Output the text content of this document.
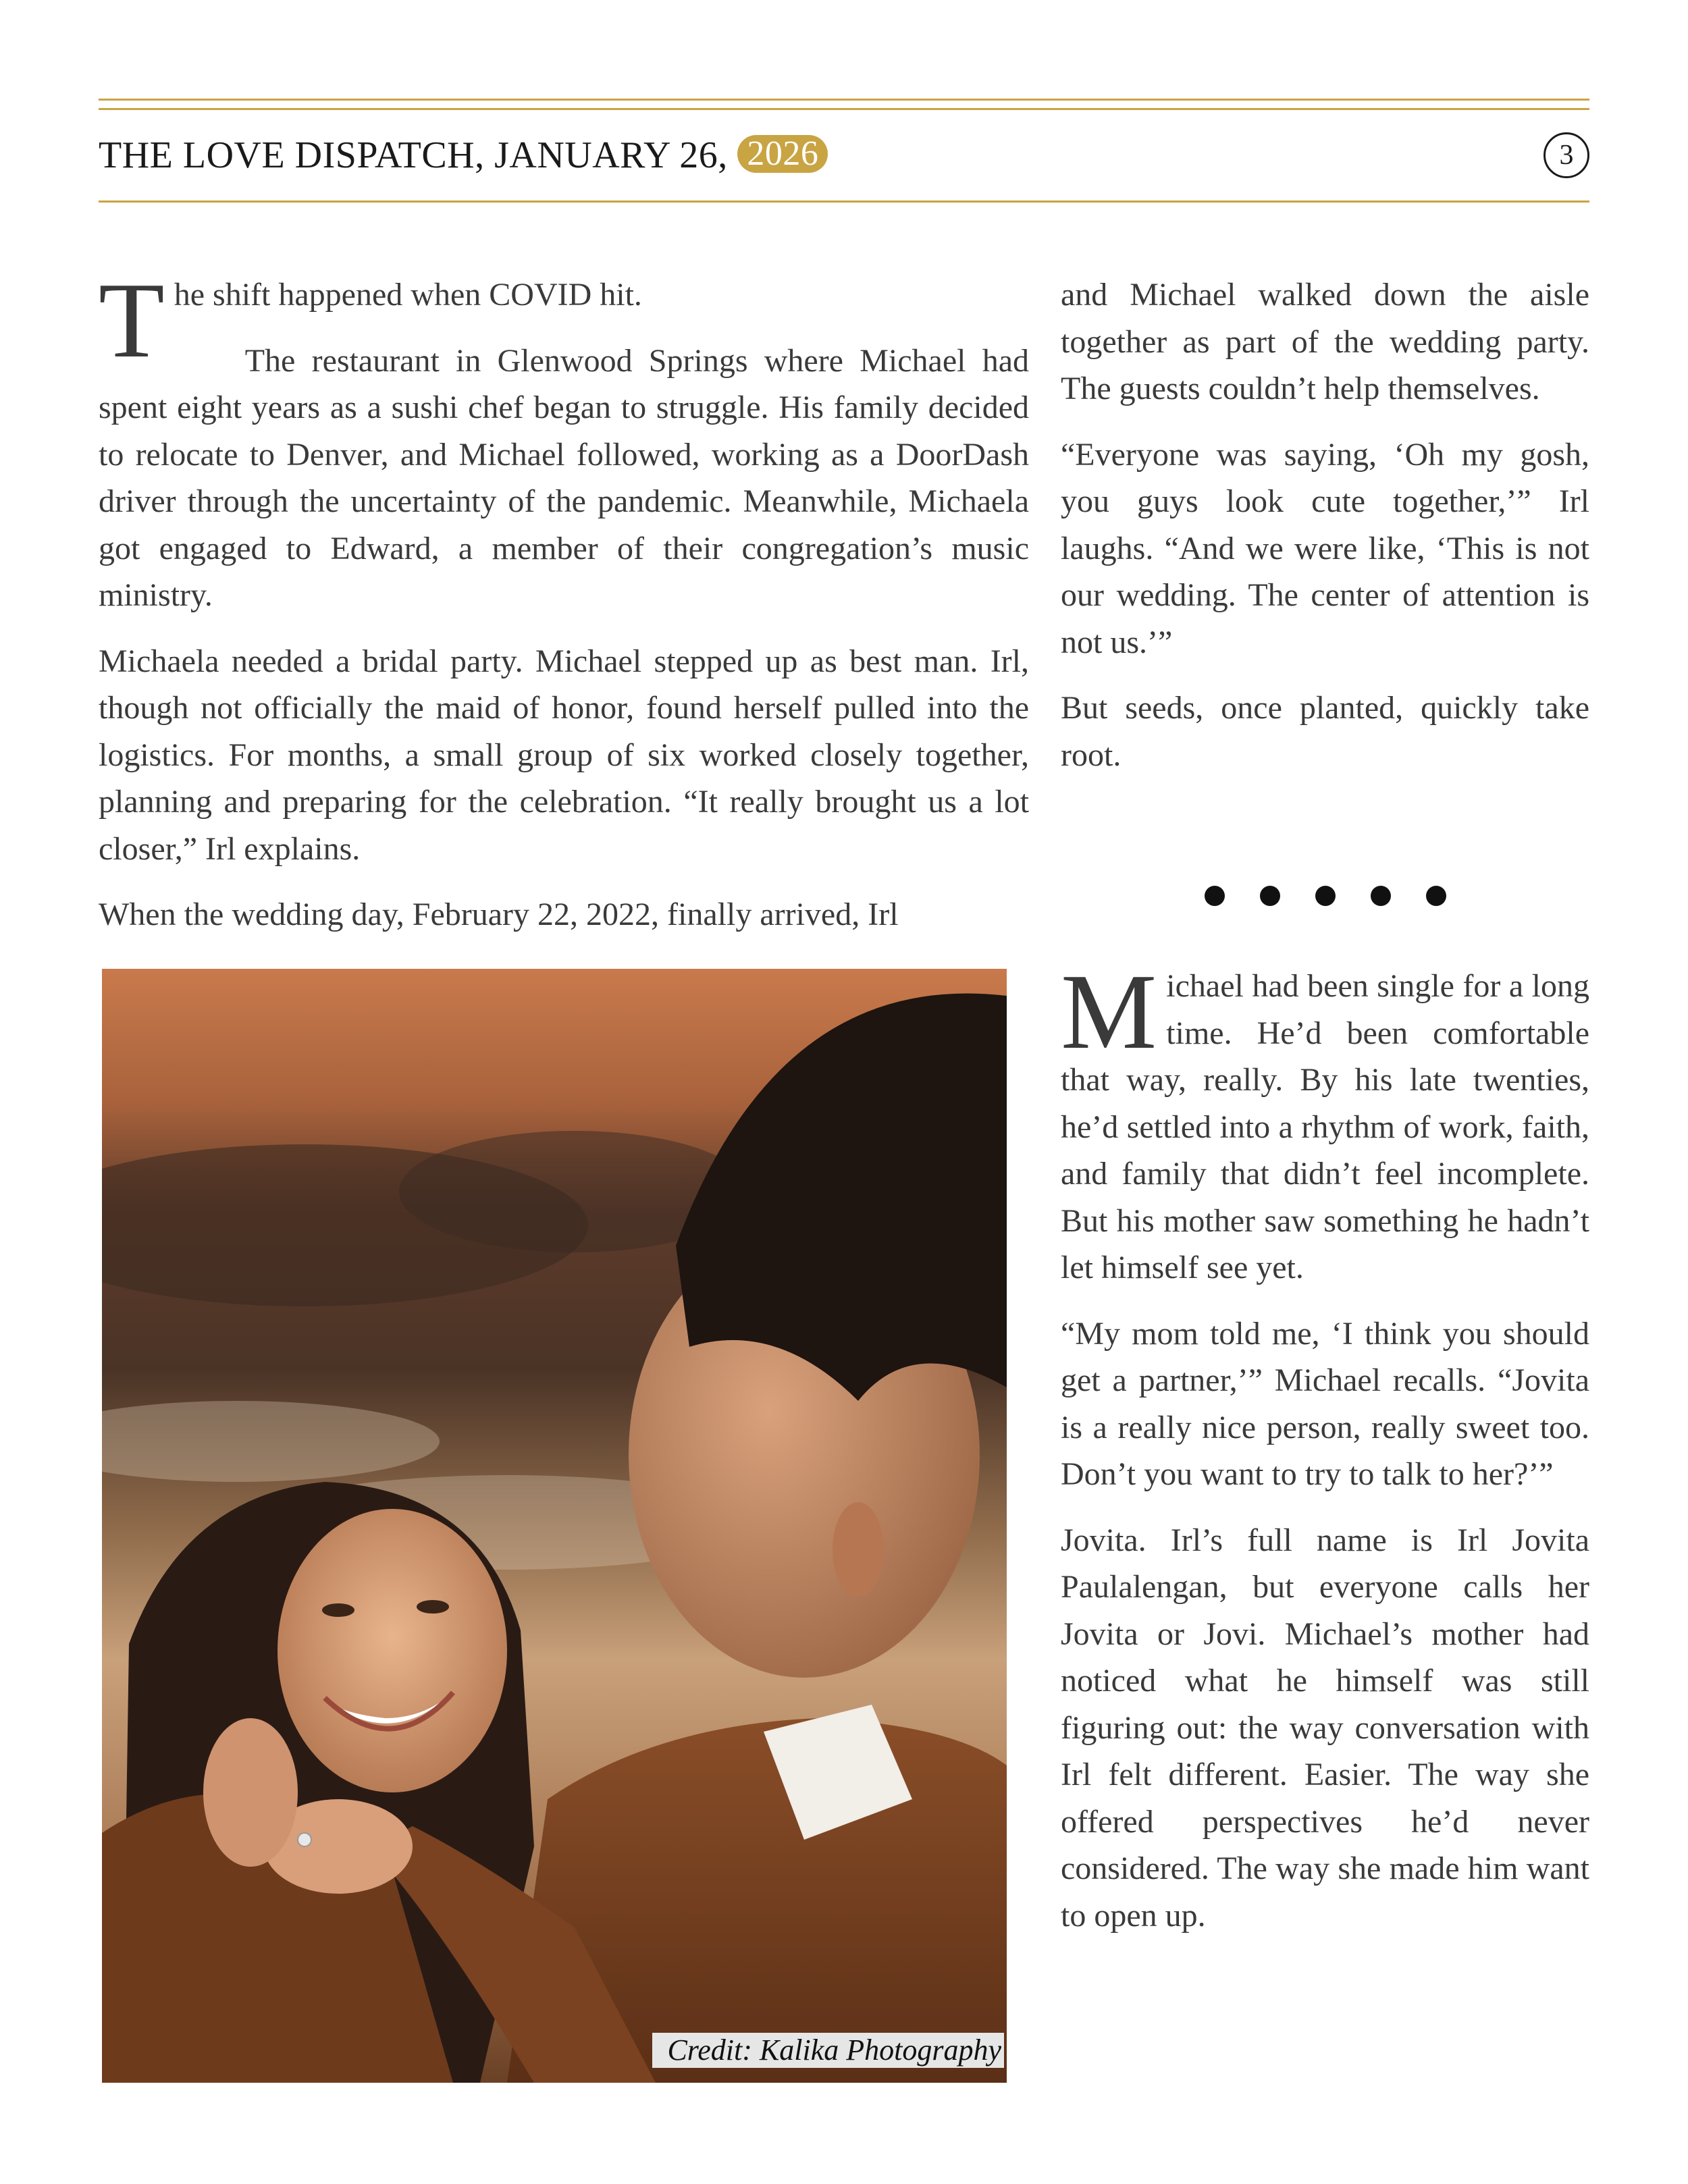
THE LOVE DISPATCH, JANUARY 26, 2026	3

The shift happened when COVID hit.

The restaurant in Glenwood Springs where Michael had spent eight years as a sushi chef began to struggle. His family decided to relocate to Denver, and Michael followed, working as a DoorDash driver through the uncertainty of the pandemic. Meanwhile, Michaela got engaged to Edward, a member of their congregation’s music ministry.

Michaela needed a bridal party. Michael stepped up as best man. Irl, though not officially the maid of honor, found herself pulled into the logistics. For months, a small group of six worked closely together, planning and preparing for the celebration. “It really brought us a lot closer,” Irl explains.

When the wedding day, February 22, 2022, finally arrived, Irl

and Michael walked down the aisle together as part of the wedding party. The guests couldn’t help themselves.

“Everyone was saying, ‘Oh my gosh, you guys look cute together,’” Irl laughs. “And we were like, ‘This is not our wedding. The center of attention is not us.’”

But seeds, once planted, quickly take root.

Michael had been single for a long time. He’d been comfortable that way, really. By his late twenties, he’d settled into a rhythm of work, faith, and family that didn’t feel incomplete. But his mother saw something he hadn’t let himself see yet.

“My mom told me, ‘I think you should get a partner,’” Michael recalls. “Jovita is a really nice person, really sweet too. Don’t you want to try to talk to her?’”

Jovita. Irl’s full name is Irl Jovita Paulalengan, but everyone calls her Jovita or Jovi. Michael’s mother had noticed what he himself was still figuring out: the way conversation with Irl felt different. Easier. The way she offered perspectives he’d never considered. The way she made him want to open up.

Credit: Kalika Photography
